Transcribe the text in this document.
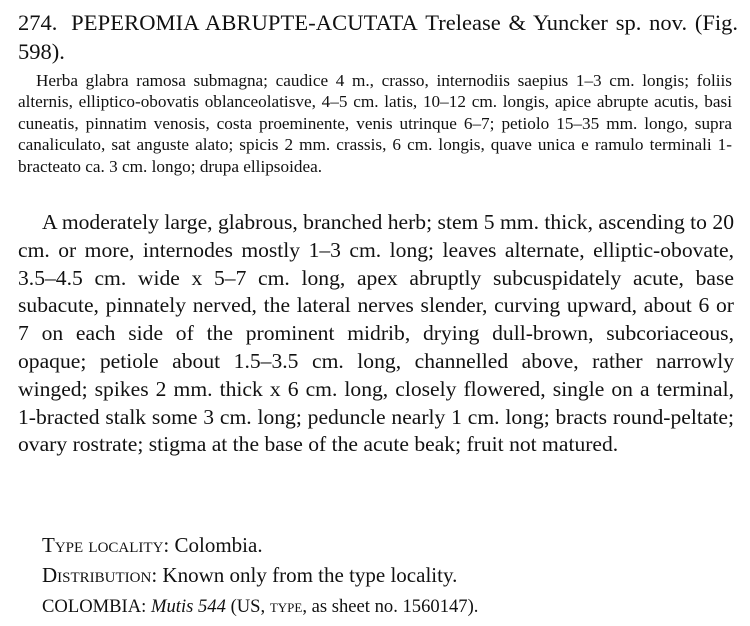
274. PEPEROMIA ABRUPTE-ACUTATA Trelease & Yuncker sp. nov. (Fig. 598).

Herba glabra ramosa submagna; caudice 4 m., crasso, internodiis saepius 1–3 cm. longis; foliis alternis, elliptico-obovatis oblanceolatisve, 4–5 cm. latis, 10–12 cm. longis, apice abrupte acutis, basi cuneatis, pinnatim venosis, costa proeminente, venis utrinque 6–7; petiolo 15–35 mm. longo, supra canaliculato, sat anguste alato; spicis 2 mm. crassis, 6 cm. longis, quave unica e ramulo terminali 1-bracteato ca. 3 cm. longo; drupa ellipsoidea.

A moderately large, glabrous, branched herb; stem 5 mm. thick, ascending to 20 cm. or more, internodes mostly 1–3 cm. long; leaves alternate, elliptic-obovate, 3.5–4.5 cm. wide x 5–7 cm. long, apex abruptly subcuspidately acute, base subacute, pinnately nerved, the lateral nerves slender, curving upward, about 6 or 7 on each side of the prominent midrib, drying dull-brown, subcoriaceous, opaque; petiole about 1.5–3.5 cm. long, channelled above, rather narrowly winged; spikes 2 mm. thick x 6 cm. long, closely flowered, single on a terminal, 1-bracted stalk some 3 cm. long; peduncle nearly 1 cm. long; bracts round-peltate; ovary rostrate; stigma at the base of the acute beak; fruit not matured.

Type locality: Colombia.
Distribution: Known only from the type locality.
COLOMBIA: Mutis 544 (US, type, as sheet no. 1560147).
